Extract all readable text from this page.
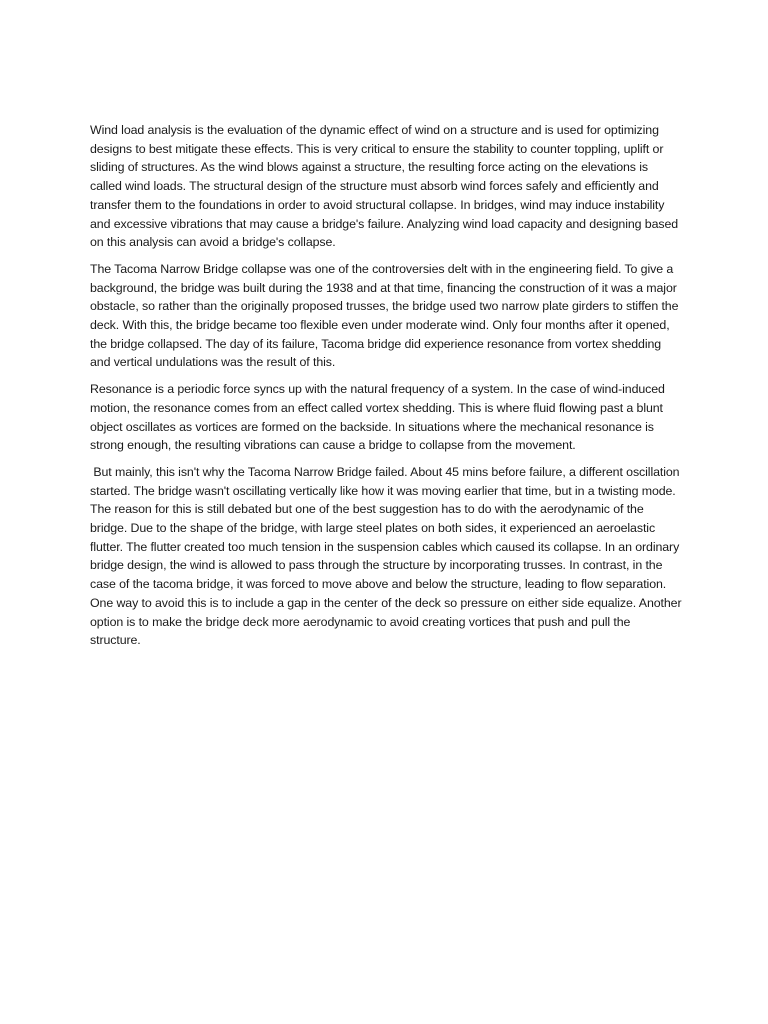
Wind load analysis is the evaluation of the dynamic effect of wind on a structure and is used for optimizing designs to best mitigate these effects. This is very critical to ensure the stability to counter toppling, uplift or sliding of structures. As the wind blows against a structure, the resulting force acting on the elevations is called wind loads. The structural design of the structure must absorb wind forces safely and efficiently and transfer them to the foundations in order to avoid structural collapse. In bridges, wind may induce instability and excessive vibrations that may cause a bridge's failure. Analyzing wind load capacity and designing based on this analysis can avoid a bridge's collapse.

The Tacoma Narrow Bridge collapse was one of the controversies delt with in the engineering field. To give a background, the bridge was built during the 1938 and at that time, financing the construction of it was a major obstacle, so rather than the originally proposed trusses, the bridge used two narrow plate girders to stiffen the deck. With this, the bridge became too flexible even under moderate wind. Only four months after it opened, the bridge collapsed. The day of its failure, Tacoma bridge did experience resonance from vortex shedding and vertical undulations was the result of this.

Resonance is a periodic force syncs up with the natural frequency of a system. In the case of wind-induced motion, the resonance comes from an effect called vortex shedding. This is where fluid flowing past a blunt object oscillates as vortices are formed on the backside. In situations where the mechanical resonance is strong enough, the resulting vibrations can cause a bridge to collapse from the movement.

But mainly, this isn't why the Tacoma Narrow Bridge failed. About 45 mins before failure, a different oscillation started. The bridge wasn't oscillating vertically like how it was moving earlier that time, but in a twisting mode. The reason for this is still debated but one of the best suggestion has to do with the aerodynamic of the bridge. Due to the shape of the bridge, with large steel plates on both sides, it experienced an aeroelastic flutter. The flutter created too much tension in the suspension cables which caused its collapse. In an ordinary bridge design, the wind is allowed to pass through the structure by incorporating trusses. In contrast, in the case of the tacoma bridge, it was forced to move above and below the structure, leading to flow separation. One way to avoid this is to include a gap in the center of the deck so pressure on either side equalize. Another option is to make the bridge deck more aerodynamic to avoid creating vortices that push and pull the structure.
